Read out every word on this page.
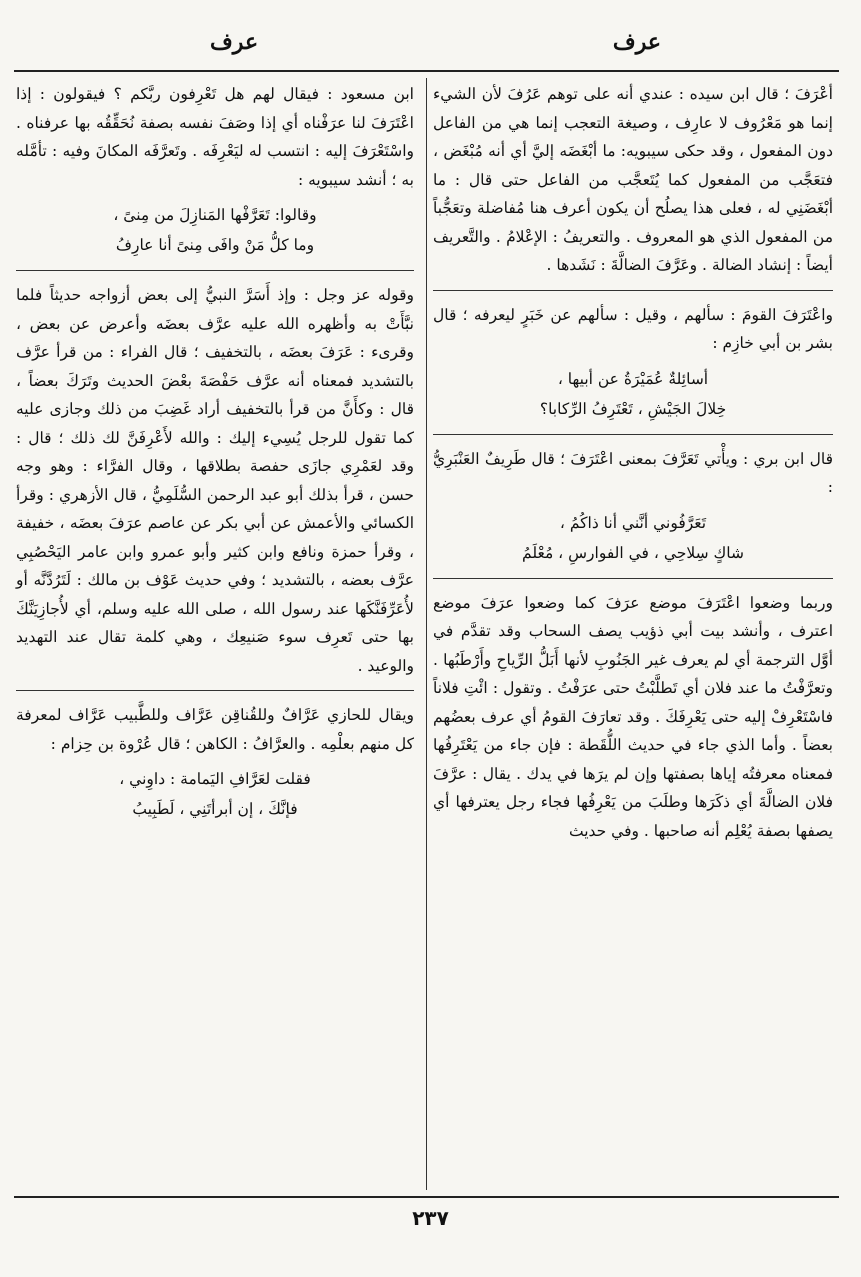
عرف
عرف

أعْرَفَ ؛ قال ابن سيده : عندي أنه على توهم عَرُفَ لأن الشيء إنما هو مَعْرُوف لا عارِف ، وصيغة التعجب إنما هي من الفاعل دون المفعول ، وقد حكى سيبويه: ما أبْغَضَه إليَّ أي أنه مُبْغَض ، فتعَجَّب من المفعول كما يُتَعجَّب من الفاعل حتى قال : ما أبْغَضَنِي له ، فعلى هذا يصلُح أن يكون أعرف هنا مُفاضلة وتعَجُّباً من المفعول الذي هو المعروف . والتعريفُ : الإعْلامُ . والتَّعريف أيضاً : إنشاد الضالة . وعَرَّفَ الضالَّةَ : نَشَدها .

واعْتَرَفَ القومَ : سألهم ، وقيل : سألهم عن خَبَرٍ ليعرفه ؛ قال بشر بن أبي خازِم :

أسائِلةٌ عُمَيْرَةُ عن أبيها ،
خِلالَ الجَيْشِ ، تَعْتَرِفُ الرِّكابا؟

قال ابن بري : ويأْتي تَعَرَّفَ بمعنى اعْتَرَفَ ؛ قال طَرِيفٌ العَنْبَرِيُّ :

تَعَرَّفُوني أنَّني أنا ذاكُمُ ،
شاكٍ سِلاحِي ، في الفوارسِ ، مُعْلَمُ

وربما وضعوا اعْتَرَفَ موضع عرَفَ كما وضعوا عرَفَ موضع اعترف ، وأنشد بيت أبي ذؤيب يصف السحاب وقد تقدَّم في أوَّل الترجمة أي لم يعرف غير الجَنُوبِ لأنها أَبَلُّ الرِّياحِ وأَرْطَبُها . وتعرَّفْتُ ما عند فلان أي تَطلَّبْتُ حتى عرَفْتُ . وتقول : ائْتِ فلاناً فاسْتَعْرِفْ إليه حتى يَعْرِفَكَ . وقد تعارَفَ القومُ أي عرف بعضُهم بعضاً . وأما الذي جاء في حديث اللُّقَطة : فإن جاء من يَعْتَرِفُها فمعناه معرفتُه إياها بصفتها وإن لم يرَها في يدك . يقال : عرَّفَ فلان الضالَّةَ أي ذكَرَها وطلَبَ من يَعْرِفُها فجاء رجل يعترفها أي يصفها بصفة يُعْلِم أنه صاحبها . وفي حديث

ابن مسعود : فيقال لهم هل تَعْرِفون ربَّكم ؟ فيقولون : إذا اعْتَرَفَ لنا عرَفْناه أي إذا وصَفَ نفسه بصفة نُحَقِّقُه بها عرفناه . واسْتَعْرَفَ إليه : انتسب له ليَعْرِفَه . وتَعرَّفَه المكانَ وفيه : تأمَّله به ؛ أنشد سيبويه :

وقالوا: تَعَرَّفْها المَنازِلَ من مِنىً ،
وما كلُّ مَنْ وافَى مِنىً أنا عارِفُ

وقوله عز وجل : وإذ أَسَرَّ النبيُّ إلى بعض أزواجه حديثاً فلما نبَّأَتْ به وأظهره الله عليه عرَّف بعضَه وأعرض عن بعض ، وقرىء : عَرَفَ بعضَه ، بالتخفيف ؛ قال الفراء : من قرأ عرَّف بالتشديد فمعناه أنه عرَّف حَفْصَةَ بعْضَ الحديث وتَرَكَ بعضاً ، قال : وكأَنَّ من قرأ بالتخفيف أراد غَضِبَ من ذلك وجازى عليه كما تقول للرجل يُسِيء إليك : والله لأَعْرِفَنَّ لك ذلك ؛ قال : وقد لعَمْرِي جازَى حفصة بطلاقها ، وقال الفرَّاء : وهو وجه حسن ، قرأ بذلك أبو عبد الرحمن السُّلَمِيُّ ، قال الأزهري : وقرأ الكسائي والأعمش عن أبي بكر عن عاصم عرَفَ بعضَه ، خفيفة ، وقرأ حمزة ونافع وابن كثير وأبو عمرو وابن عامر اليَحْصُبِي عرَّف بعضه ، بالتشديد ؛ وفي حديث عَوْف بن مالك : لَتَرُدَّنَّه أو لأُعَرِّفَنَّكَها عند رسول الله ، صلى الله عليه وسلم، أي لأُجازِيَنَّكَ بها حتى تَعرِف سوء صَنيعِك ، وهي كلمة تقال عند التهديد والوعيد .

ويقال للحازي عَرَّافٌ وللقُناقِن عَرَّاف وللطَّبيب عَرَّاف لمعرفة كل منهم بعلْمِه . والعرَّافُ : الكاهن ؛ قال عُرْوة بن حِزام :

فقلت لعَرَّافِ اليَمامة : داوِني ،
فإنَّكَ ، إن أبرأتَنِي ، لَطَبِيبُ
٢٣٧
